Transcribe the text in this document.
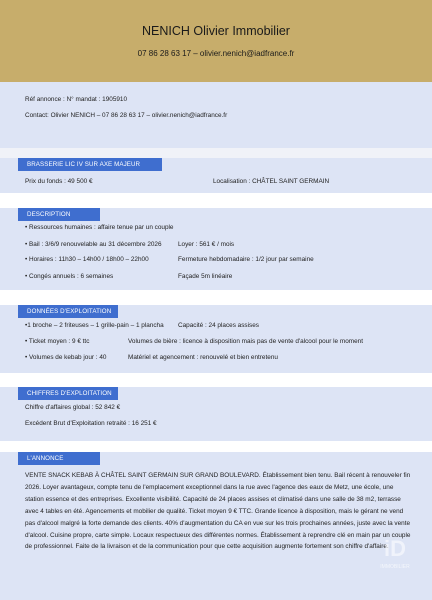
NENICH Olivier Immobilier
07 86 28 63 17 – olivier.nenich@iadfrance.fr
Réf annonce : N° mandat : 1905910
Contact: Olivier NENICH – 07 86 28 63 17 – olivier.nenich@iadfrance.fr
BRASSERIE LIC IV SUR AXE MAJEUR
Prix du fonds : 49 500 €	Localisation : CHÂTEL SAINT GERMAIN
DESCRIPTION
• Ressources humaines : affaire tenue par un couple
• Bail : 3/6/9 renouvelable au 31 décembre 2026	Loyer : 561 € / mois
• Horaires : 11h30 – 14h00 / 18h00 – 22h00	Fermeture hebdomadaire : 1/2 jour par semaine
• Congés annuels : 6 semaines	Façade 5m linéaire
DONNÉES D'EXPLOITATION
•1 broche – 2 friteuses – 1 grille-pain – 1 plancha Capacité : 24 places assises
• Ticket moyen : 9 € ttc	Volumes de bière : licence à disposition mais pas de vente d'alcool pour le moment
• Volumes de kebab jour : 40	Matériel et agencement : renouvelé et bien entretenu
CHIFFRES D'EXPLOITATION
Chiffre d'affaires global : 52 842 €
Excédent Brut d'Exploitation retraité : 16 251 €
L'ANNONCE
VENTE SNACK KEBAB À CHÂTEL SAINT GERMAIN SUR GRAND BOULEVARD. Établissement bien tenu. Bail récent à renouveler fin 2026. Loyer avantageux, compte tenu de l'emplacement exceptionnel dans la rue avec l'agence des eaux de Metz, une école, une station essence et des entreprises. Excellente visibilité. Capacité de 24 places assises et climatisé dans une salle de 38 m2, terrasse avec 4 tables en été. Agencements et mobilier de qualité. Ticket moyen 9 € TTC. Grande licence à disposition, mais le gérant ne vend pas d'alcool malgré la forte demande des clients. 40% d'augmentation du CA en vue sur les trois prochaines années, juste avec la vente d'alcool. Cuisine propre, carte simple. Locaux respectueux des différentes normes. Établissement à reprendre clé en main par un couple de professionnel. Faite de la livraison et de la communication pour que cette acquisition augmente fortement son chiffre d'affaire.
iD
IMMOBILIER
